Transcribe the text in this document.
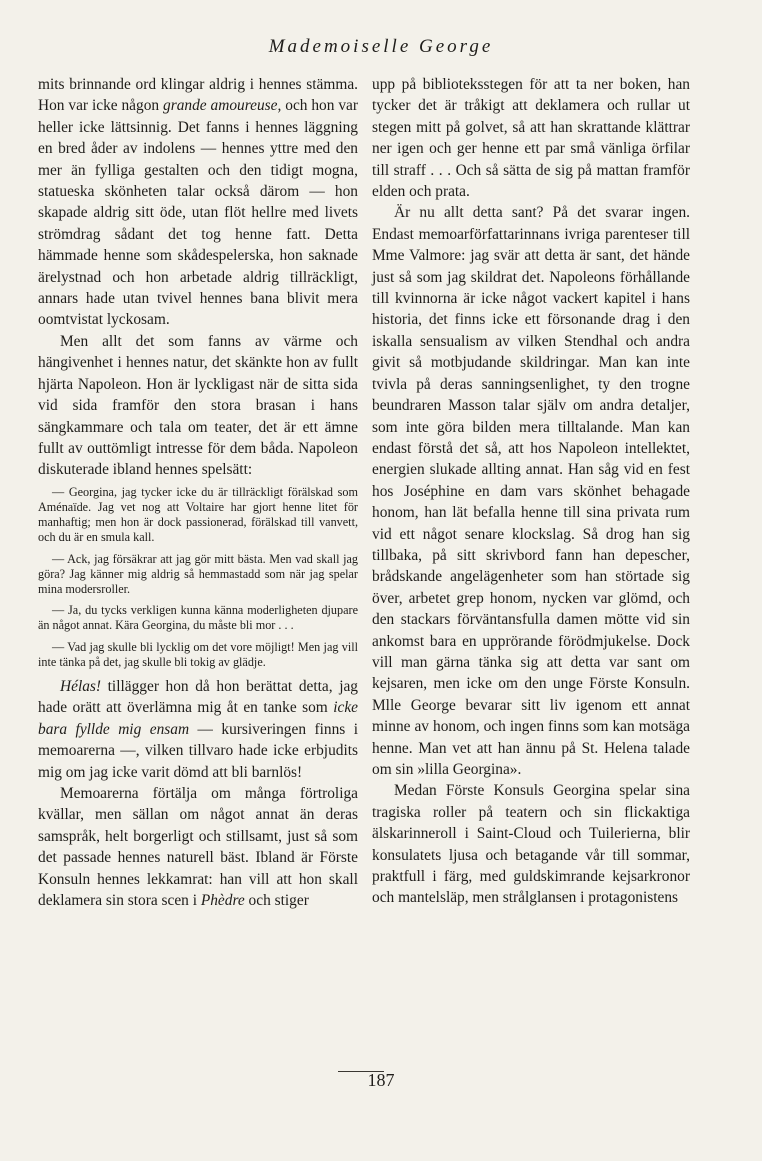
Mademoiselle George

mits brinnande ord klingar aldrig i hennes stämma. Hon var icke någon grande amoureuse, och hon var heller icke lättsinnig. Det fanns i hennes läggning en bred åder av indolens — hennes yttre med den mer än fylliga gestalten och den tidigt mogna, statueska skönheten talar också därom — hon skapade aldrig sitt öde, utan flöt hellre med livets strömdrag sådant det tog henne fatt. Detta hämmade henne som skådespelerska, hon saknade ärelystnad och hon arbetade aldrig tillräckligt, annars hade utan tvivel hennes bana blivit mera oomtvistat lyckosam.

Men allt det som fanns av värme och hängivenhet i hennes natur, det skänkte hon av fullt hjärta Napoleon. Hon är lyckligast när de sitta sida vid sida framför den stora brasan i hans sängkammare och tala om teater, det är ett ämne fullt av outtömligt intresse för dem båda. Napoleon diskuterade ibland hennes spelsätt:

— Georgina, jag tycker icke du är tillräckligt förälskad som Aménaïde. Jag vet nog att Voltaire har gjort henne litet för manhaftig; men hon är dock passionerad, förälskad till vanvett, och du är en smula kall.

— Ack, jag försäkrar att jag gör mitt bästa. Men vad skall jag göra? Jag känner mig aldrig så hemmastadd som när jag spelar mina modersroller.

— Ja, du tycks verkligen kunna känna moderligheten djupare än något annat. Kära Georgina, du måste bli mor . . .

— Vad jag skulle bli lycklig om det vore möjligt! Men jag vill inte tänka på det, jag skulle bli tokig av glädje.

Hélas! tillägger hon då hon berättat detta, jag hade orätt att överlämna mig åt en tanke som icke bara fyllde mig ensam — kursiveringen finns i memoarerna —, vilken tillvaro hade icke erbjudits mig om jag icke varit dömd att bli barnlös!

Memoarerna förtälja om många förtroliga kvällar, men sällan om något annat än deras samspråk, helt borgerligt och stillsamt, just så som det passade hennes naturell bäst. Ibland är Förste Konsuln hennes lekkamrat: han vill att hon skall deklamera sin stora scen i Phèdre och stiger

upp på biblioteksstegen för att ta ner boken, han tycker det är tråkigt att deklamera och rullar ut stegen mitt på golvet, så att han skrattande klättrar ner igen och ger henne ett par små vänliga örfilar till straff . . . Och så sätta de sig på mattan framför elden och prata.

Är nu allt detta sant? På det svarar ingen. Endast memoarförfattarinnans ivriga parenteser till Mme Valmore: jag svär att detta är sant, det hände just så som jag skildrat det. Napoleons förhållande till kvinnorna är icke något vackert kapitel i hans historia, det finns icke ett försonande drag i den iskalla sensualism av vilken Stendhal och andra givit så motbjudande skildringar. Man kan inte tvivla på deras sanningsenlighet, ty den trogne beundraren Masson talar själv om andra detaljer, som inte göra bilden mera tilltalande. Man kan endast förstå det så, att hos Napoleon intellektet, energien slukade allting annat. Han såg vid en fest hos Joséphine en dam vars skönhet behagade honom, han lät befalla henne till sina privata rum vid ett något senare klockslag. Så drog han sig tillbaka, på sitt skrivbord fann han depescher, brådskande angelägenheter som han störtade sig över, arbetet grep honom, nycken var glömd, och den stackars förväntansfulla damen mötte vid sin ankomst bara en upprörande förödmjukelse. Dock vill man gärna tänka sig att detta var sant om kejsaren, men icke om den unge Förste Konsuln. Mlle George bevarar sitt liv igenom ett annat minne av honom, och ingen finns som kan motsäga henne. Man vet att han ännu på St. Helena talade om sin »lilla Georgina».

Medan Förste Konsuls Georgina spelar sina tragiska roller på teatern och sin flickaktiga älskarinneroll i Saint-Cloud och Tuilerierna, blir konsulatets ljusa och betagande vår till sommar, praktfull i färg, med guldskimrande kejsarkronor och mantelsläp, men strålglansen i protagonistens

187
